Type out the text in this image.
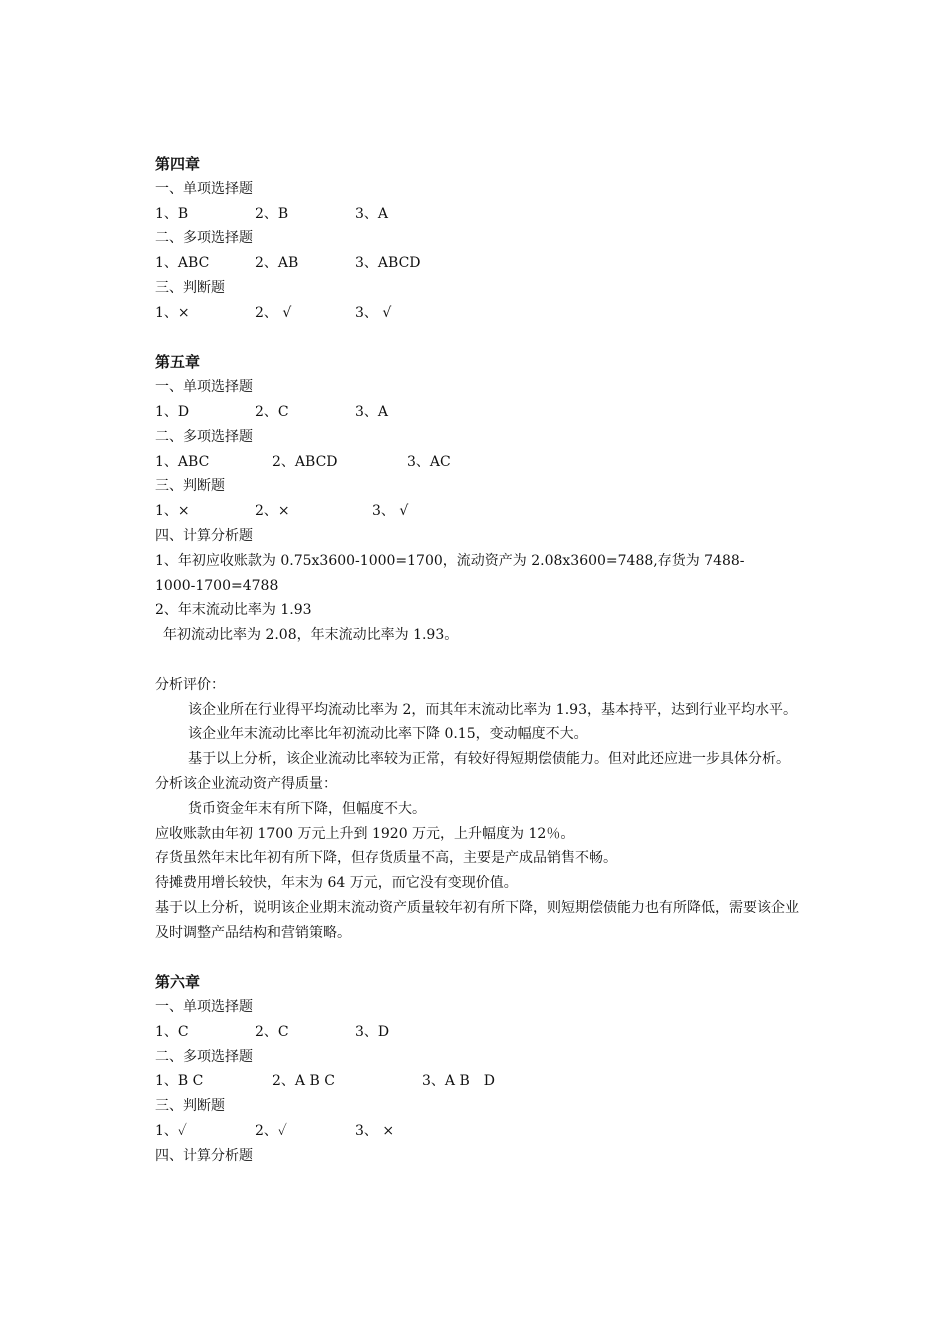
第四章
一、单项选择题
1、B	2、B	3、A
二、多项选择题
1、ABC	2、AB	3、ABCD
三、判断题
1、×	2、 √	3、 √
第五章
一、单项选择题
1、D	2、C	3、A
二、多项选择题
1、ABC	2、ABCD	3、AC
三、判断题
1、×	2、×	3、 √
四、计算分析题
1、年初应收账款为 0.75x3600-1000=1700，流动资产为 2.08x3600=7488,存货为 7488-
1000-1700=4788
2、年末流动比率为 1.93
年初流动比率为 2.08，年末流动比率为 1.93。
分析评价：
该企业所在行业得平均流动比率为 2，而其年末流动比率为 1.93，基本持平，达到行业平均水平。
该企业年末流动比率比年初流动比率下降 0.15，变动幅度不大。
基于以上分析，该企业流动比率较为正常，有较好得短期偿债能力。但对此还应进一步具体分析。
分析该企业流动资产得质量：
货币资金年末有所下降，但幅度不大。
应收账款由年初 1700 万元上升到 1920 万元，上升幅度为 12％。
存货虽然年末比年初有所下降，但存货质量不高，主要是产成品销售不畅。
待摊费用增长较快，年末为 64 万元，而它没有变现价值。
基于以上分析，说明该企业期末流动资产质量较年初有所下降，则短期偿债能力也有所降低，需要该企业及时调整产品结构和营销策略。
第六章
一、单项选择题
1、C	2、C	3、D
二、多项选择题
1、B C	2、A B C	3、A B　D
三、判断题
1、✓	2、✓	3、 ×
四、计算分析题
